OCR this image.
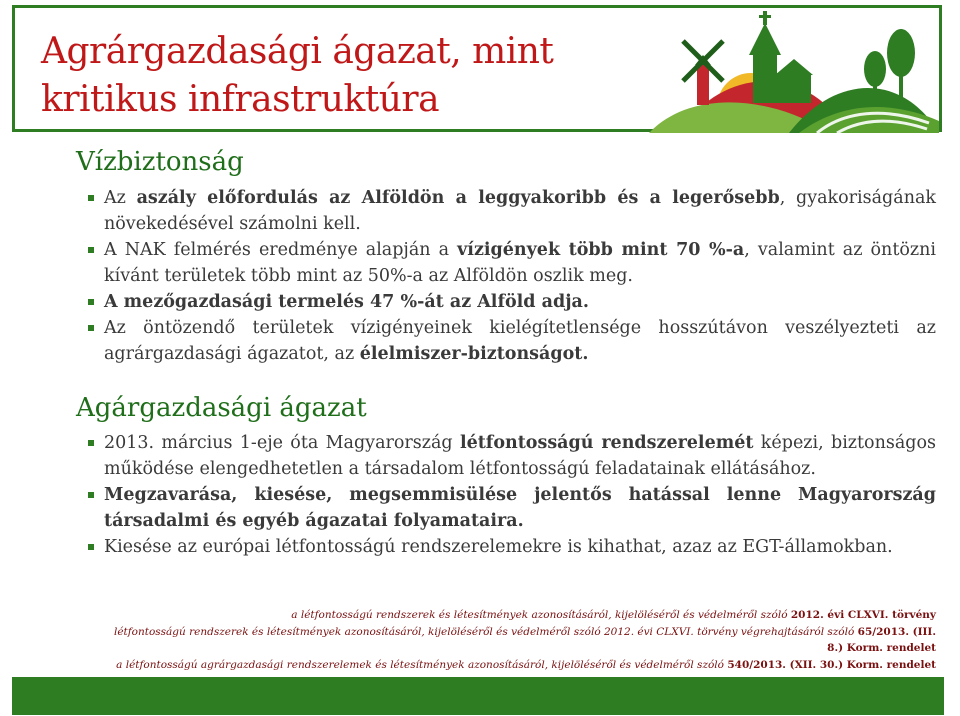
Agrárgazdasági ágazat, mint
kritikus infrastruktúra
Vízbiztonság
Az aszály előfordulás az Alföldön a leggyakoribb és a legerősebb, gyakoriságának növekedésével számolni kell.
A NAK felmérés eredménye alapján a vízigények több mint 70 %-a, valamint az öntözni kívánt területek több mint az 50%-a az Alföldön oszlik meg.
A mezőgazdasági termelés 47 %-át az Alföld adja.
Az öntözendő területek vízigényeinek kielégítetlensége hosszútávon veszélyezteti az agrárgazdasági ágazatot, az élelmiszer-biztonságot.
Agárgazdasági ágazat
2013. március 1-eje óta Magyarország létfontosságú rendszerelemét képezi, biztonságos működése elengedhetetlen a társadalom létfontosságú feladatainak ellátásához.
Megzavarása, kiesése, megsemmisülése jelentős hatással lenne Magyarország társadalmi és egyéb ágazatai folyamataira.
Kiesése az európai létfontosságú rendszerelemekre is kihathat, azaz az EGT-államokban.
a létfontosságú rendszerek és létesítmények azonosításáról, kijelöléséről és védelméről szóló 2012. évi CLXVI. törvény
létfontosságú rendszerek és létesítmények azonosításáról, kijelöléséről és védelméről szóló 2012. évi CLXVI. törvény végrehajtásáról szóló 65/2013. (III. 8.) Korm. rendelet
a létfontosságú agrárgazdasági rendszerelemek és létesítmények azonosításáról, kijelöléséről és védelméről szóló 540/2013. (XII. 30.) Korm. rendelet
